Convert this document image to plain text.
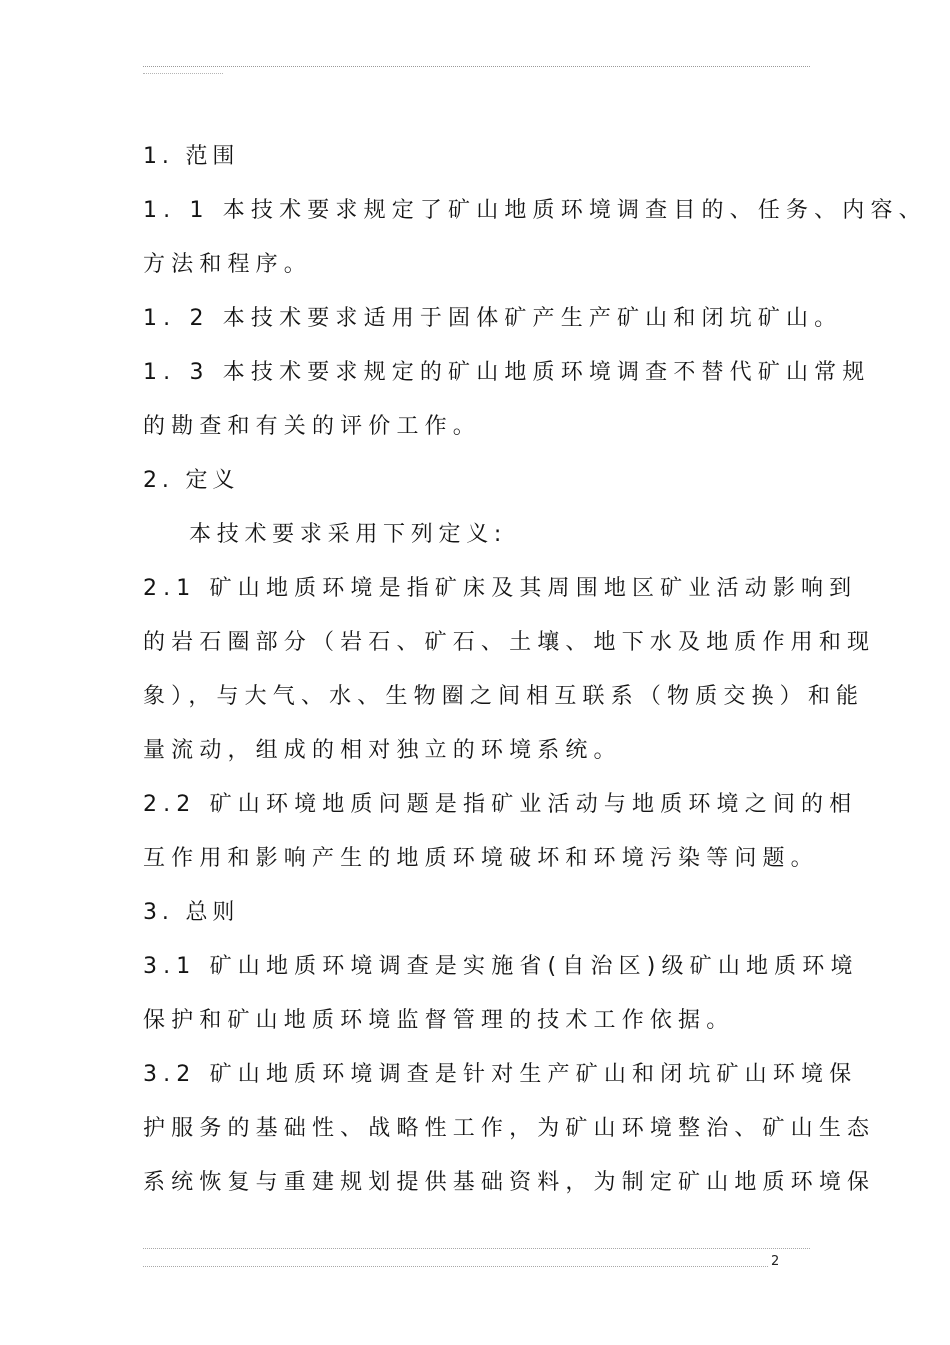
1. 范围
1. 1 本技术要求规定了矿山地质环境调查目的、任务、内容、
方法和程序。
1. 2 本技术要求适用于固体矿产生产矿山和闭坑矿山。
1. 3 本技术要求规定的矿山地质环境调查不替代矿山常规
的勘查和有关的评价工作。
2. 定义
本技术要求采用下列定义:
2.1 矿山地质环境是指矿床及其周围地区矿业活动影响到
的岩石圈部分（岩石、矿石、土壤、地下水及地质作用和现
象），与大气、水、生物圈之间相互联系（物质交换）和能
量流动，组成的相对独立的环境系统。
2.2 矿山环境地质问题是指矿业活动与地质环境之间的相
互作用和影响产生的地质环境破坏和环境污染等问题。
3. 总则
3.1 矿山地质环境调查是实施省(自治区)级矿山地质环境
保护和矿山地质环境监督管理的技术工作依据。
3.2 矿山地质环境调查是针对生产矿山和闭坑矿山环境保
护服务的基础性、战略性工作，为矿山环境整治、矿山生态
系统恢复与重建规划提供基础资料，为制定矿山地质环境保
2
